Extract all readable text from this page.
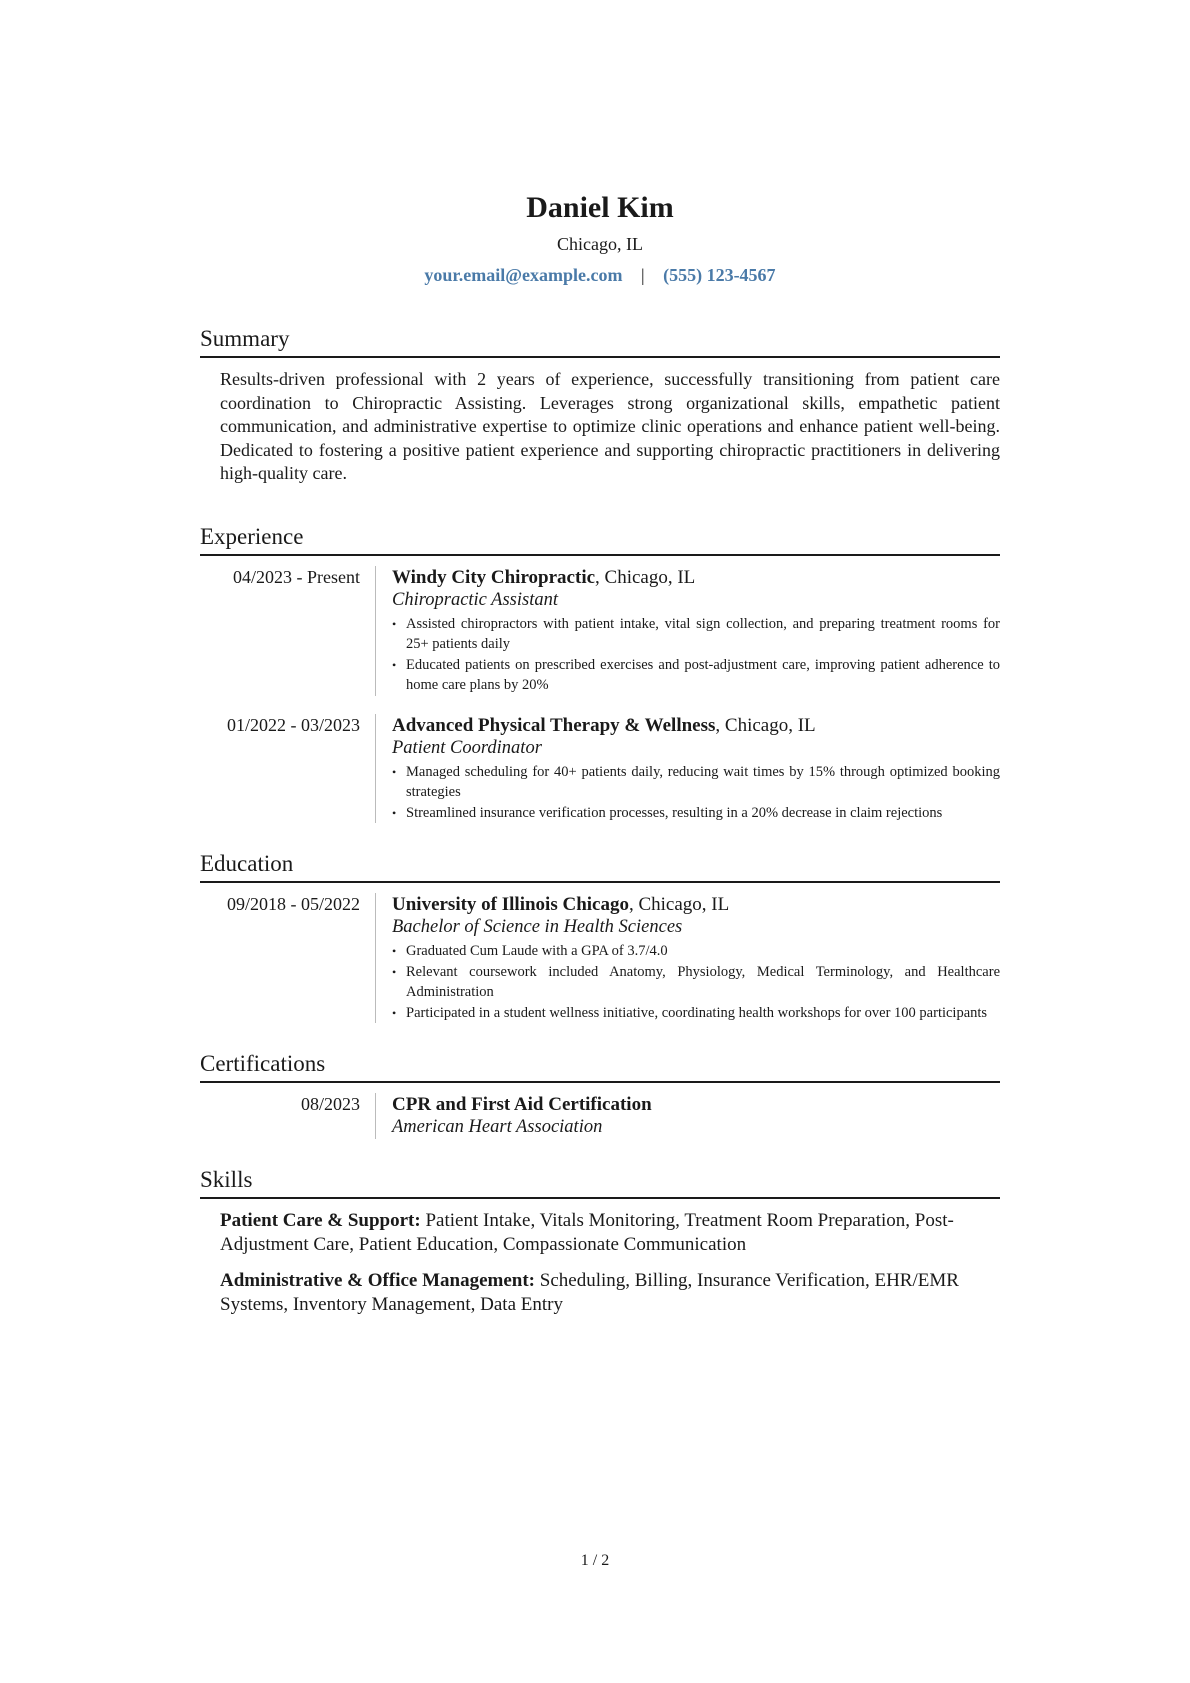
Daniel Kim
Chicago, IL
your.email@example.com | (555) 123-4567
Summary
Results-driven professional with 2 years of experience, successfully transitioning from patient care coordination to Chiropractic Assisting. Leverages strong organizational skills, empathetic patient communication, and administrative expertise to optimize clinic operations and enhance patient well-being. Dedicated to fostering a positive patient experience and supporting chiropractic practitioners in delivering high-quality care.
Experience
04/2023 - Present	Windy City Chiropractic, Chicago, IL
Chiropractic Assistant
• Assisted chiropractors with patient intake, vital sign collection, and preparing treatment rooms for 25+ patients daily
• Educated patients on prescribed exercises and post-adjustment care, improving patient adherence to home care plans by 20%
01/2022 - 03/2023	Advanced Physical Therapy & Wellness, Chicago, IL
Patient Coordinator
• Managed scheduling for 40+ patients daily, reducing wait times by 15% through optimized booking strategies
• Streamlined insurance verification processes, resulting in a 20% decrease in claim rejections
Education
09/2018 - 05/2022	University of Illinois Chicago, Chicago, IL
Bachelor of Science in Health Sciences
• Graduated Cum Laude with a GPA of 3.7/4.0
• Relevant coursework included Anatomy, Physiology, Medical Terminology, and Healthcare Administration
• Participated in a student wellness initiative, coordinating health workshops for over 100 participants
Certifications
08/2023	CPR and First Aid Certification
American Heart Association
Skills
Patient Care & Support: Patient Intake, Vitals Monitoring, Treatment Room Preparation, Post-Adjustment Care, Patient Education, Compassionate Communication
Administrative & Office Management: Scheduling, Billing, Insurance Verification, EHR/EMR Systems, Inventory Management, Data Entry
1 / 2
